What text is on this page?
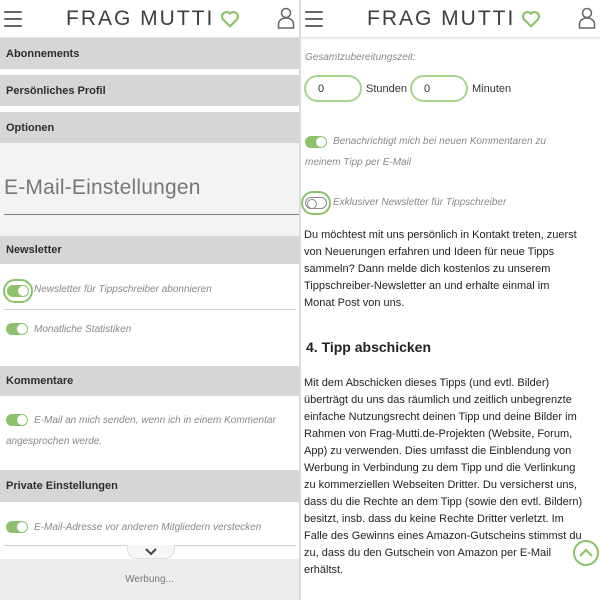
FRAG MUTTI
Abonnements
Persönliches Profil
Optionen
E-Mail-Einstellungen
Newsletter
Newsletter für Tippschreiber abonnieren
Monatliche Statistiken
Kommentare
E-Mail an mich senden, wenn ich in einem Kommentar
angesprochen werde.
Private Einstellungen
E-Mail-Adresse vor anderen Mitgliedern verstecken
Werbung...
FRAG MUTTI
Gesamtzubereitungszeit:
0	Stunden	0	Minuten
Benachrichtigt mich bei neuen Kommentaren zu
meinem Tipp per E-Mail
Exklusiver Newsletter für Tippschreiber
Du möchtest mit uns persönlich in Kontakt treten, zuerst
von Neuerungen erfahren und Ideen für neue Tipps
sammeln? Dann melde dich kostenlos zu unserem
Tippschreiber-Newsletter an und erhalte einmal im
Monat Post von uns.
4. Tipp abschicken
Mit dem Abschicken dieses Tipps (und evtl. Bilder)
überträgt du uns das räumlich und zeitlich unbegrenzte
einfache Nutzungsrecht deinen Tipp und deine Bilder im
Rahmen von Frag-Mutti.de-Projekten (Website, Forum,
App) zu verwenden. Dies umfasst die Einblendung von
Werbung in Verbindung zu dem Tipp und die Verlinkung
zu kommerziellen Webseiten Dritter. Du versicherst uns,
dass du die Rechte an dem Tipp (sowie den evtl. Bildern)
besitzt, insb. dass du keine Rechte Dritter verletzt. Im
Falle des Gewinns eines Amazon-Gutscheins stimmst du
zu, dass du den Gutschein von Amazon per E-Mail
erhältst.
